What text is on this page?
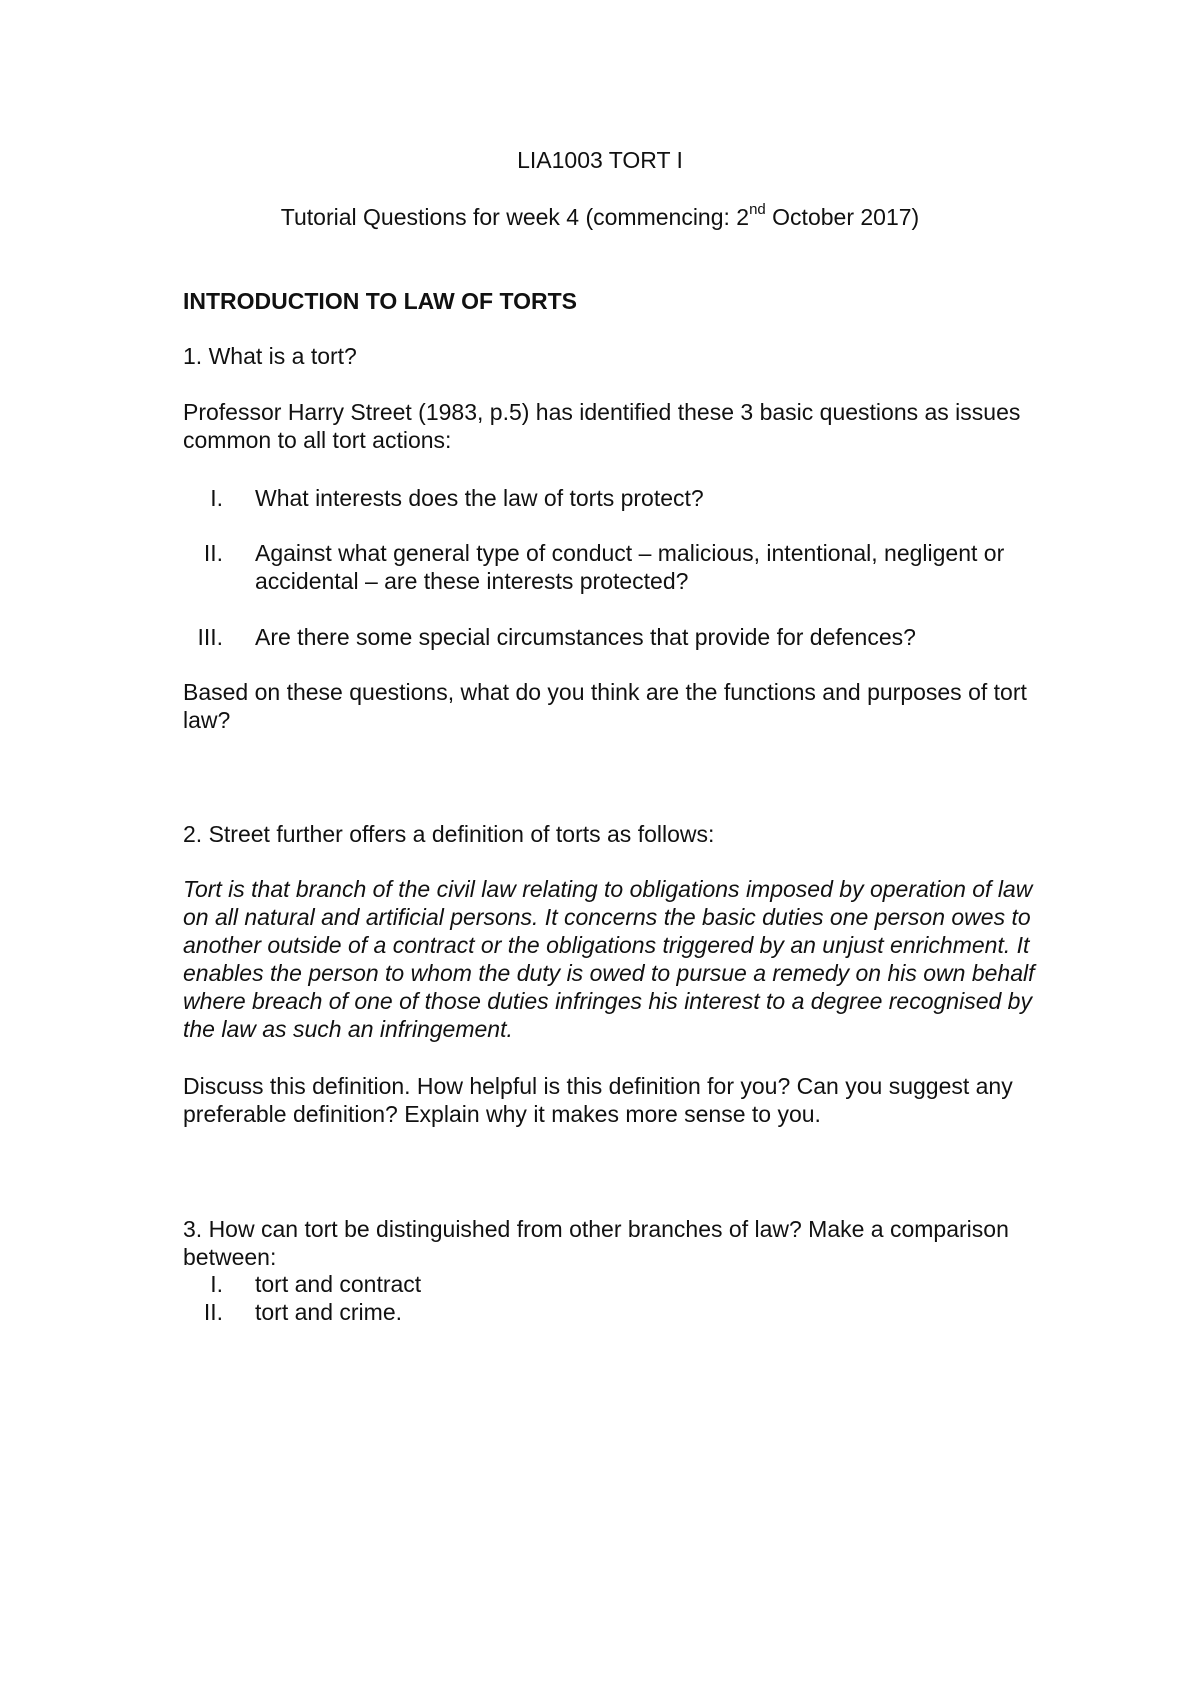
LIA1003 TORT I
Tutorial Questions for week 4 (commencing: 2nd October 2017)
INTRODUCTION TO LAW OF TORTS
1. What is a tort?
Professor Harry Street (1983, p.5) has identified these 3 basic questions as issues common to all tort actions:
I. What interests does the law of torts protect?
II. Against what general type of conduct – malicious, intentional, negligent or accidental – are these interests protected?
III. Are there some special circumstances that provide for defences?
Based on these questions, what do you think are the functions and purposes of tort law?
2. Street further offers a definition of torts as follows:
Tort is that branch of the civil law relating to obligations imposed by operation of law on all natural and artificial persons. It concerns the basic duties one person owes to another outside of a contract or the obligations triggered by an unjust enrichment. It enables the person to whom the duty is owed to pursue a remedy on his own behalf where breach of one of those duties infringes his interest to a degree recognised by the law as such an infringement.
Discuss this definition. How helpful is this definition for you? Can you suggest any preferable definition? Explain why it makes more sense to you.
3. How can tort be distinguished from other branches of law? Make a comparison between:
I. tort and contract
II. tort and crime.
